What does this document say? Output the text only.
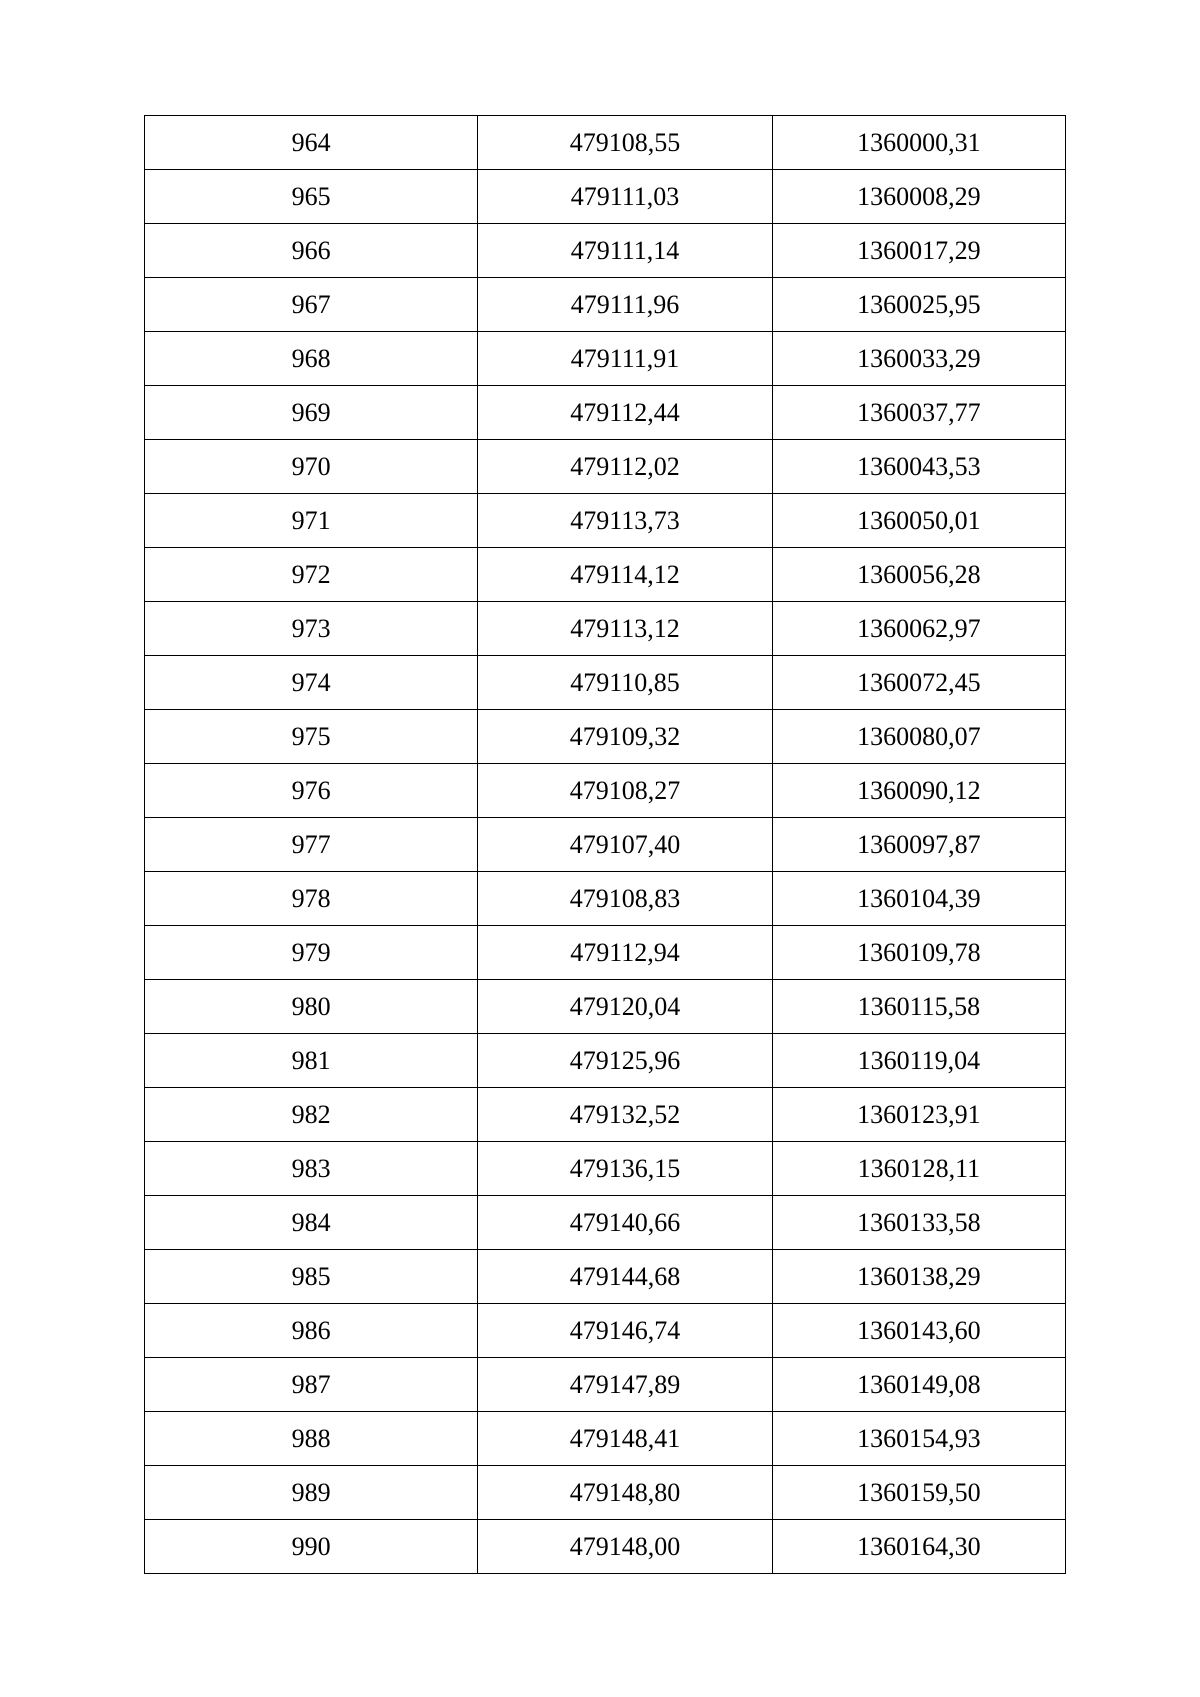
964	479108,55	1360000,31
965	479111,03	1360008,29
966	479111,14	1360017,29
967	479111,96	1360025,95
968	479111,91	1360033,29
969	479112,44	1360037,77
970	479112,02	1360043,53
971	479113,73	1360050,01
972	479114,12	1360056,28
973	479113,12	1360062,97
974	479110,85	1360072,45
975	479109,32	1360080,07
976	479108,27	1360090,12
977	479107,40	1360097,87
978	479108,83	1360104,39
979	479112,94	1360109,78
980	479120,04	1360115,58
981	479125,96	1360119,04
982	479132,52	1360123,91
983	479136,15	1360128,11
984	479140,66	1360133,58
985	479144,68	1360138,29
986	479146,74	1360143,60
987	479147,89	1360149,08
988	479148,41	1360154,93
989	479148,80	1360159,50
990	479148,00	1360164,30
